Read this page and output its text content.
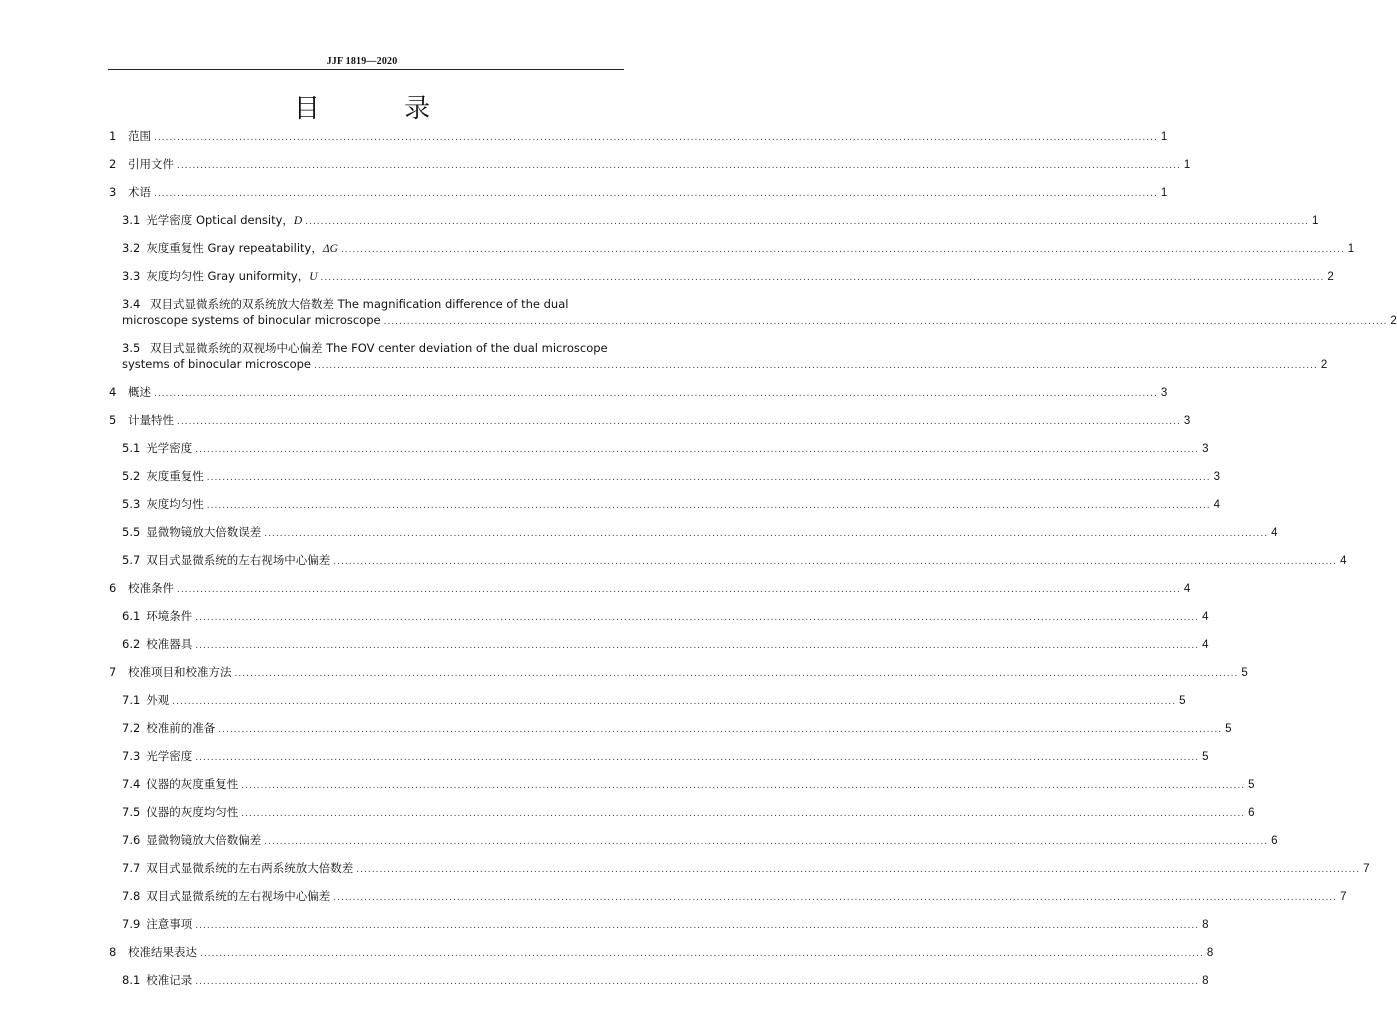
JJF 1819—2020
目 录
1	范围 .....	1
2	引用文件 .....	1
3	术语 .....	1
3.1 光学密度 Optical density，D .....	1
3.2 灰度重复性 Gray repeatability，ΔG .....	1
3.3 灰度均匀性 Gray uniformity，U .....	2
3.4 双目式显微系统的双系统放大倍数差 The magnification difference of the dual
microscope systems of binocular microscope .....	2
3.5 双目式显微系统的双视场中心偏差 The FOV center deviation of the dual microscope
systems of binocular microscope .....	2
4	概述 .....	3
5	计量特性 .....	3
5.1 光学密度 .....	3
5.2 灰度重复性 .....	3
5.3 灰度均匀性 .....	4
5.5 显微物镜放大倍数误差 .....	4
5.7 双目式显微系统的左右视场中心偏差 .....	4
6	校准条件 .....	4
6.1 环境条件 .....	4
6.2 校准器具 .....	4
7	校准项目和校准方法 .....	5
7.1 外观 .....	5
7.2 校准前的准备 .....	5
7.3 光学密度 .....	5
7.4 仪器的灰度重复性 .....	5
7.5 仪器的灰度均匀性 .....	6
7.6 显微物镜放大倍数偏差 .....	6
7.7 双目式显微系统的左右两系统放大倍数差 .....	7
7.8 双目式显微系统的左右视场中心偏差 .....	7
7.9 注意事项 .....	8
8	校准结果表达 .....	8
8.1 校准记录 .....	8
